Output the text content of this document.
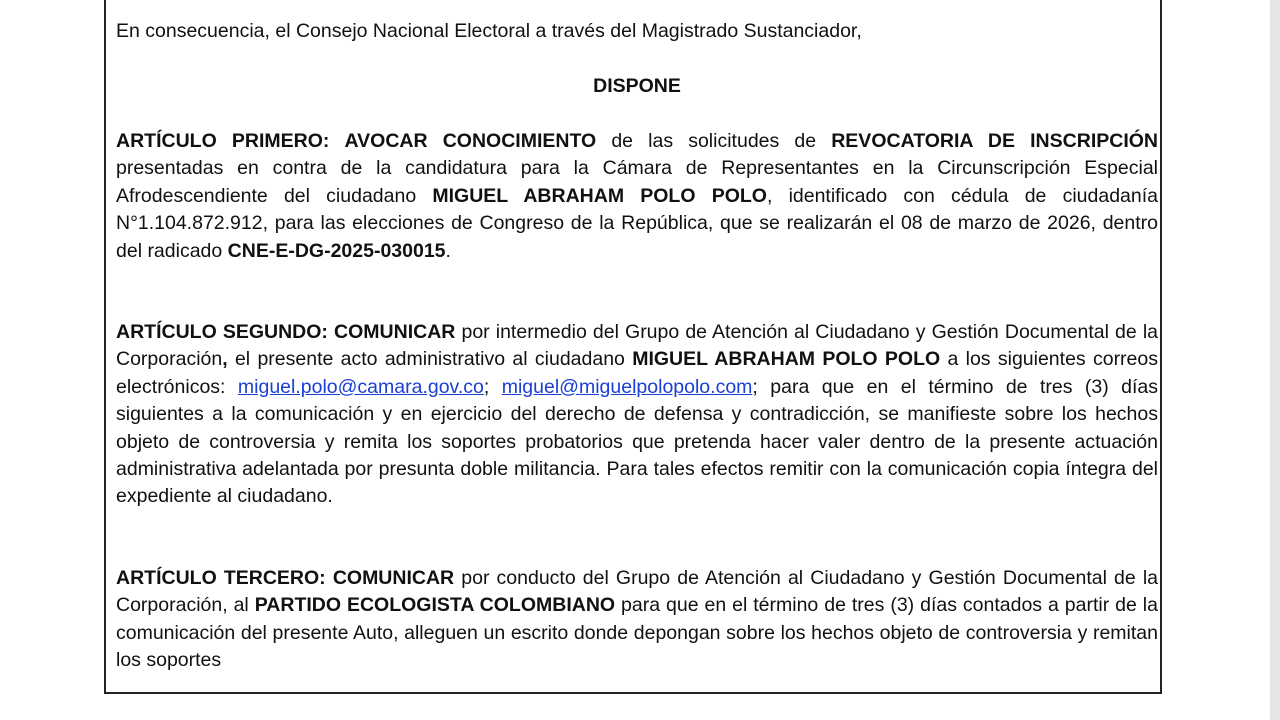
En consecuencia, el Consejo Nacional Electoral a través del Magistrado Sustanciador,

DISPONE

ARTÍCULO PRIMERO: AVOCAR CONOCIMIENTO de las solicitudes de REVOCATORIA DE INSCRIPCIÓN presentadas en contra de la candidatura para la Cámara de Representantes en la Circunscripción Especial Afrodescendiente del ciudadano MIGUEL ABRAHAM POLO POLO, identificado con cédula de ciudadanía N°1.104.872.912, para las elecciones de Congreso de la República, que se realizarán el 08 de marzo de 2026, dentro del radicado CNE-E-DG-2025-030015.

ARTÍCULO SEGUNDO: COMUNICAR por intermedio del Grupo de Atención al Ciudadano y Gestión Documental de la Corporación, el presente acto administrativo al ciudadano MIGUEL ABRAHAM POLO POLO a los siguientes correos electrónicos: miguel.polo@camara.gov.co; miguel@miguelpolopolo.com; para que en el término de tres (3) días siguientes a la comunicación y en ejercicio del derecho de defensa y contradicción, se manifieste sobre los hechos objeto de controversia y remita los soportes probatorios que pretenda hacer valer dentro de la presente actuación administrativa adelantada por presunta doble militancia. Para tales efectos remitir con la comunicación copia íntegra del expediente al ciudadano.

ARTÍCULO TERCERO: COMUNICAR por conducto del Grupo de Atención al Ciudadano y Gestión Documental de la Corporación, al PARTIDO ECOLOGISTA COLOMBIANO para que en el término de tres (3) días contados a partir de la comunicación del presente Auto, alleguen un escrito donde depongan sobre los hechos objeto de controversia y remitan los soportes
